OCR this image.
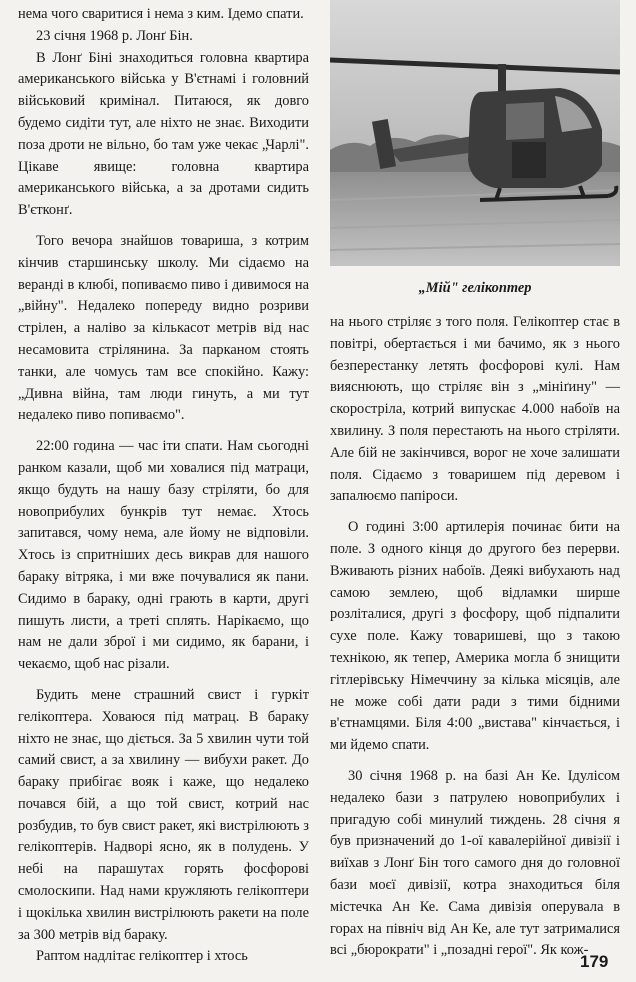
нема чого сваритися і нема з ким. Ідемо спати.

23 січня 1968 р. Лонґ Бін.

В Лонґ Біні знаходиться головна квартира американського війська у В'єтнамі і головний військовий кримінал. Питаюся, як довго будемо сидіти тут, але ніхто не знає. Виходити поза дроти не вільно, бо там уже чекає „Чарлі". Цікаве явище: головна квартира американського війська, а за дротами сидить В'єтконґ.

Того вечора знайшов товариша, з котрим кінчив старшинську школу. Ми сідаємо на веранді в клюбі, попиваємо пиво і дивимося на „війну". Недалеко попереду видно розриви стрілен, а наліво за кількасот метрів від нас несамовита стрілянина. За парканом стоять танки, але чомусь там все спокійно. Кажу: „Дивна війна, там люди гинуть, а ми тут недалеко пиво попиваємо".

22:00 година — час іти спати. Нам сьогодні ранком казали, щоб ми ховалися під матраци, якщо будуть на нашу базу стріляти, бо для новоприбулих бункрів тут немає. Хтось запитався, чому нема, але йому не відповіли. Хтось із спритніших десь викрав для нашого бараку вітряка, і ми вже почувалися як пани. Сидимо в бараку, одні грають в карти, другі пишуть листи, а треті сплять. Нарікаємо, що нам не дали зброї і ми сидимо, як барани, і чекаємо, щоб нас різали.

Будить мене страшний свист і гуркіт гелікоптера. Ховаюся під матрац. В бараку ніхто не знає, що діється. За 5 хвилин чути той самий свист, а за хвилину — вибухи ракет. До бараку прибігає вояк і каже, що недалеко почався бій, а що той свист, котрий нас розбудив, то був свист ракет, які вистрілюють з гелікоптерів. Надворі ясно, як в полудень. У небі на парашутах горять фосфорові смолоскипи. Над нами кружляють гелікоптери і щокілька хвилин вистрілюють ракети на поле за 300 метрів від бараку.

Раптом надлітає гелікоптер і хтось

„Мій" гелікоптер

на нього стріляє з того поля. Гелікоптер стає в повітрі, обертається і ми бачимо, як з нього безперестанку летять фосфорові кулі. Нам вияснюють, що стріляє він з „мініґину" — скорострілa, котрий випускає 4.000 набоїв на хвилину. З поля перестають на нього стріляти. Але бій не закінчився, ворог не хоче залишати поля. Сідаємо з товаришем під деревом і запалюємо папіроси.

О годині 3:00 артилерія починає бити на поле. З одного кінця до другого без перерви. Вживають різних набоїв. Деякі вибухають над самою землею, щоб відламки ширше розліталися, другі з фосфору, щоб підпалити сухе поле. Кажу товаришеві, що з такою технікою, як тепер, Америка могла б знищити гітлерівську Німеччину за кілька місяців, але не може собі дати ради з тими бідними в'єтнамцями. Біля 4:00 „вистава" кінчається, і ми йдемо спати.

30 січня 1968 р. на базі Ан Ке. Ідуліcом недалеко бази з патрулею новоприбулих і пригадую собі минулий тиждень. 28 січня я був призначений до 1-ої кавалерійної дивізії і виїхав з Лонґ Бін того самого дня до головної бази моєї дивізії, котра знаходиться біля містечка Ан Ке. Сама дивізія оперувала в горах на північ від Ан Ке, але тут затрималися всі „бюрократи" і „позадні герої". Як кож-

179
